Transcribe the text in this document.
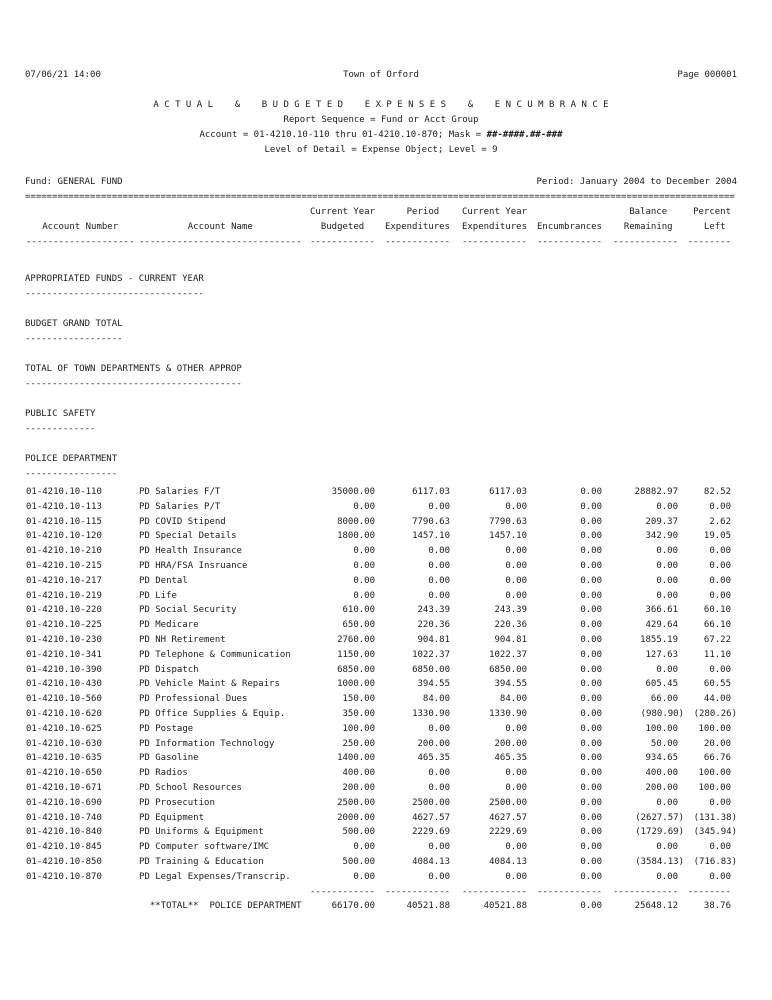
07/06/21 14:00	Town of Orford	Page 000001
A C T U A L    &    B U D G E T E D    E X P E N S E S    &    E N C U M B R A N C E
Report Sequence = Fund or Acct Group
Account = 01-4210.10-110 thru 01-4210.10-870; Mask = ##-####.##-###
Level of Detail = Expense Object; Level = 9
Fund: GENERAL FUND	Period: January 2004 to December 2004
===================================================================================================================================
Current Year	Period  Current Year	Balance  Percent
Account Number         Account Name	Budgeted  Expenditures Expenditures Encumbrances Remaining	Left
-------------------- ------------------------------ ------------ ------------ ------------ ------------ ------------ --------
APPROPRIATED FUNDS - CURRENT YEAR
---------------------------------
BUDGET GRAND TOTAL
------------------
TOTAL OF TOWN DEPARTMENTS & OTHER APPROP
----------------------------------------
PUBLIC SAFETY
-------------
POLICE DEPARTMENT
-----------------
01-4210.10-110	PD Salaries F/T	35000.00	6117.03	6117.03	0.00	28882.97	82.52
01-4210.10-113	PD Salaries P/T	0.00	0.00	0.00	0.00	0.00	0.00
01-4210.10-115	PD COVID Stipend	8000.00	7790.63	7790.63	0.00	209.37	2.62
01-4210.10-120	PD Special Details	1800.00	1457.10	1457.10	0.00	342.90	19.05
01-4210.10-210	PD Health Insurance	0.00	0.00	0.00	0.00	0.00	0.00
01-4210.10-215	PD HRA/FSA Insruance	0.00	0.00	0.00	0.00	0.00	0.00
01-4210.10-217	PD Dental	0.00	0.00	0.00	0.00	0.00	0.00
01-4210.10-219	PD Life	0.00	0.00	0.00	0.00	0.00	0.00
01-4210.10-220	PD Social Security	610.00	243.39	243.39	0.00	366.61	60.10
01-4210.10-225	PD Medicare	650.00	220.36	220.36	0.00	429.64	66.10
01-4210.10-230	PD NH Retirement	2760.00	904.81	904.81	0.00	1855.19	67.22
01-4210.10-341	PD Telephone & Communication	1150.00	1022.37	1022.37	0.00	127.63	11.10
01-4210.10-390	PD Dispatch	6850.00	6850.00	6850.00	0.00	0.00	0.00
01-4210.10-430	PD Vehicle Maint & Repairs	1000.00	394.55	394.55	0.00	605.45	60.55
01-4210.10-560	PD Professional Dues	150.00	84.00	84.00	0.00	66.00	44.00
01-4210.10-620	PD Office Supplies & Equip.	350.00	1330.90	1330.90	0.00	(980.90) (280.26)
01-4210.10-625	PD Postage	100.00	0.00	0.00	0.00	100.00 100.00
01-4210.10-630	PD Information Technology	250.00	200.00	200.00	0.00	50.00	20.00
01-4210.10-635	PD Gasoline	1400.00	465.35	465.35	0.00	934.65	66.76
01-4210.10-650	PD Radios	400.00	0.00	0.00	0.00	400.00 100.00
01-4210.10-671	PD School Resources	200.00	0.00	0.00	0.00	200.00 100.00
01-4210.10-690	PD Prosecution	2500.00	2500.00	2500.00	0.00	0.00	0.00
01-4210.10-740	PD Equipment	2000.00	4627.57	4627.57	0.00	(2627.57) (131.38)
01-4210.10-840	PD Uniforms & Equipment	500.00	2229.69	2229.69	0.00	(1729.69) (345.94)
01-4210.10-845	PD Computer software/IMC	0.00	0.00	0.00	0.00	0.00	0.00
01-4210.10-850	PD Training & Education	500.00	4084.13	4084.13	0.00	(3584.13) (716.83)
01-4210.10-870	PD Legal Expenses/Transcrip.	0.00	0.00	0.00	0.00	0.00	0.00
------------ ------------ ------------ ------------ ------------ --------
**TOTAL**  POLICE DEPARTMENT	66170.00	40521.88	40521.88	0.00	25648.12	38.76
